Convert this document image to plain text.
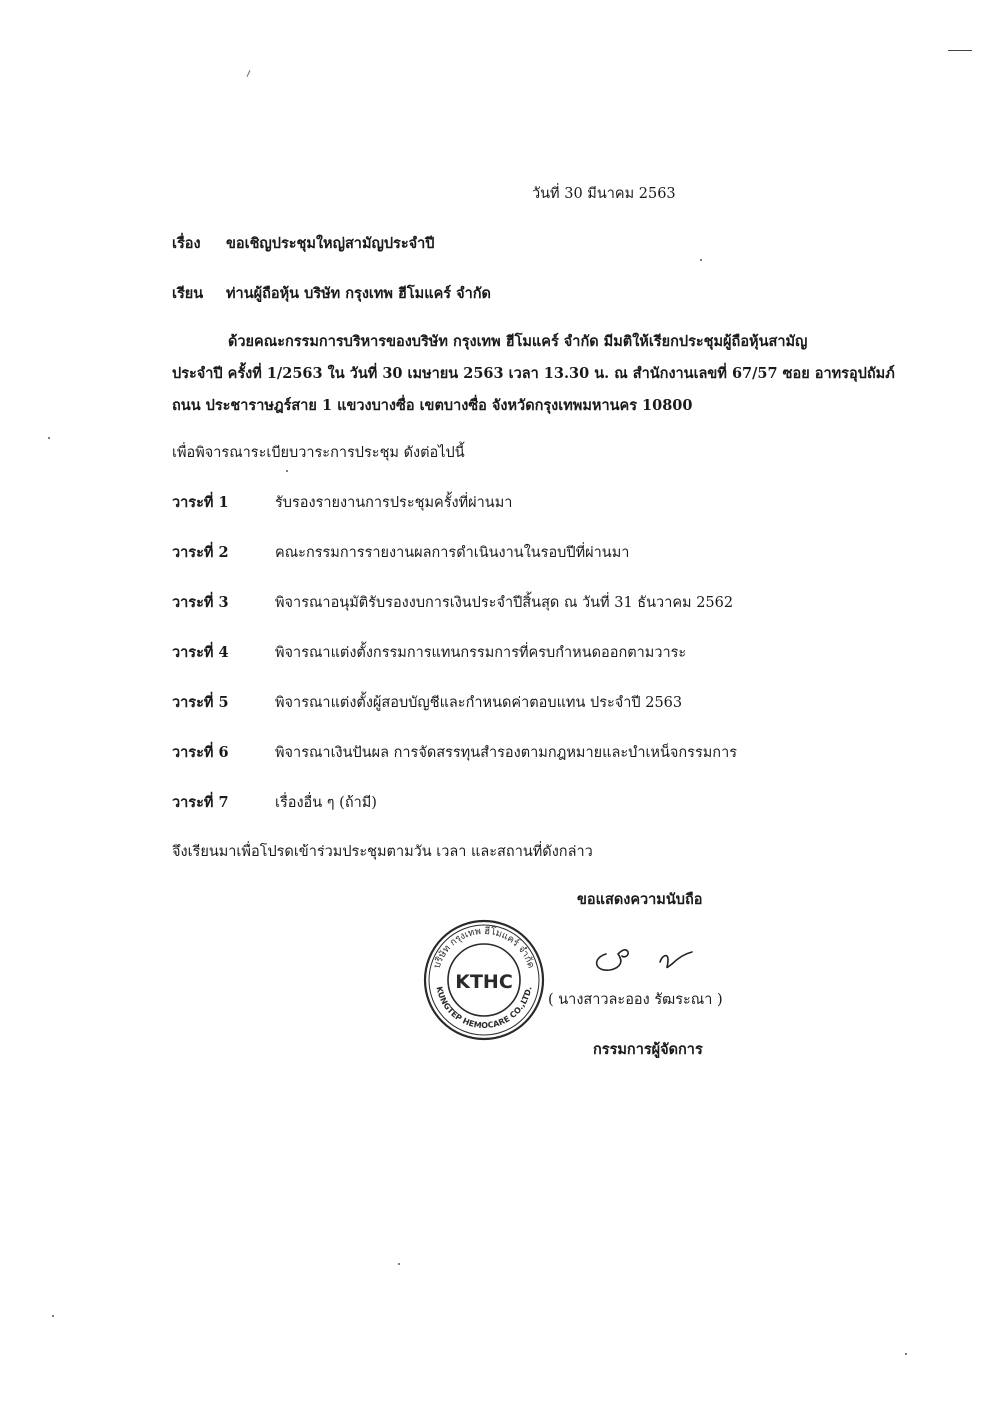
วันที่ 30 มีนาคม 2563
เรื่อง ขอเชิญประชุมใหญ่สามัญประจำปี
เรียน ท่านผู้ถือหุ้น บริษัท กรุงเทพ ฮีโมแคร์ จำกัด
ด้วยคณะกรรมการบริหารของบริษัท กรุงเทพ ฮีโมแคร์ จำกัด มีมติให้เรียกประชุมผู้ถือหุ้นสามัญ
ประจำปี ครั้งที่ 1/2563 ใน วันที่ 30 เมษายน 2563 เวลา 13.30 น. ณ สำนักงานเลขที่ 67/57 ซอย อาทรอุปถัมภ์
ถนน ประชาราษฎร์สาย 1 แขวงบางซื่อ เขตบางซื่อ จังหวัดกรุงเทพมหานคร 10800
เพื่อพิจารณาระเบียบวาระการประชุม ดังต่อไปนี้
วาระที่ 1	รับรองรายงานการประชุมครั้งที่ผ่านมา
วาระที่ 2	คณะกรรมการรายงานผลการดำเนินงานในรอบปีที่ผ่านมา
วาระที่ 3	พิจารณาอนุมัติรับรองงบการเงินประจำปีสิ้นสุด ณ วันที่ 31 ธันวาคม 2562
วาระที่ 4	พิจารณาแต่งตั้งกรรมการแทนกรรมการที่ครบกำหนดออกตามวาระ
วาระที่ 5	พิจารณาแต่งตั้งผู้สอบบัญชีและกำหนดค่าตอบแทน ประจำปี 2563
วาระที่ 6	พิจารณาเงินปันผล การจัดสรรทุนสำรองตามกฎหมายและบำเหน็จกรรมการ
วาระที่ 7	เรื่องอื่น ๆ (ถ้ามี)
จึงเรียนมาเพื่อโปรดเข้าร่วมประชุมตามวัน เวลา และสถานที่ดังกล่าว
ขอแสดงความนับถือ
บริษัท กรุงเทพ ฮีโมแคร์ จำกัด
KUNGTEP HEMOCARE CO.,LTD.
KTHC
( นางสาวละออง รัฒระณา )
กรรมการผู้จัดการ
